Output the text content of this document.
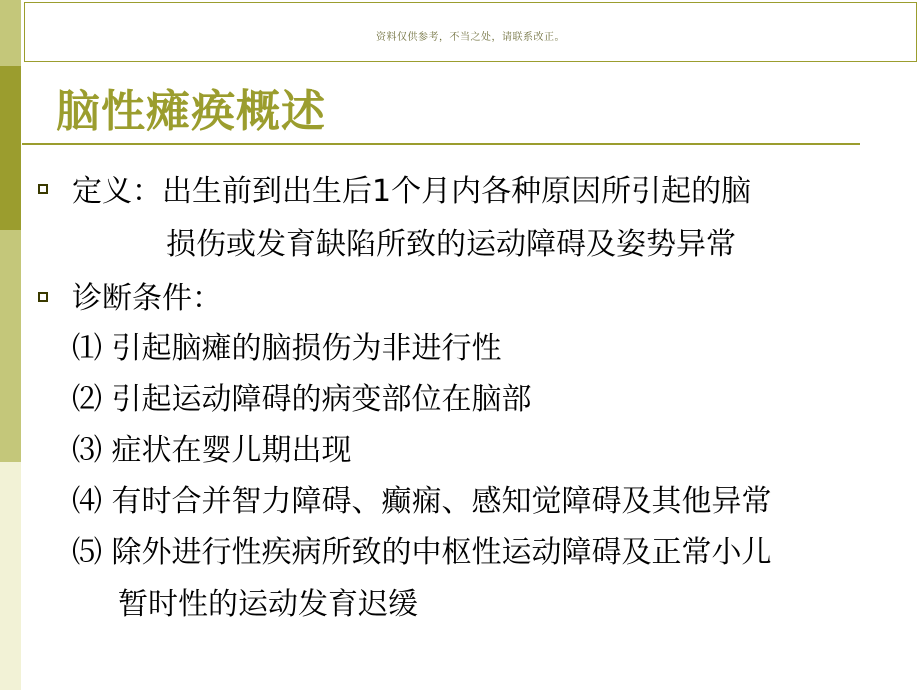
资料仅供参考，不当之处，请联系改正。
脑性瘫痪概述
定义：出生前到出生后1个月内各种原因所引起的脑
损伤或发育缺陷所致的运动障碍及姿势异常
诊断条件：
⑴ 引起脑瘫的脑损伤为非进行性
⑵ 引起运动障碍的病变部位在脑部
⑶ 症状在婴儿期出现
⑷ 有时合并智力障碍、癫痫、感知觉障碍及其他异常
⑸ 除外进行性疾病所致的中枢性运动障碍及正常小儿
暂时性的运动发育迟缓
